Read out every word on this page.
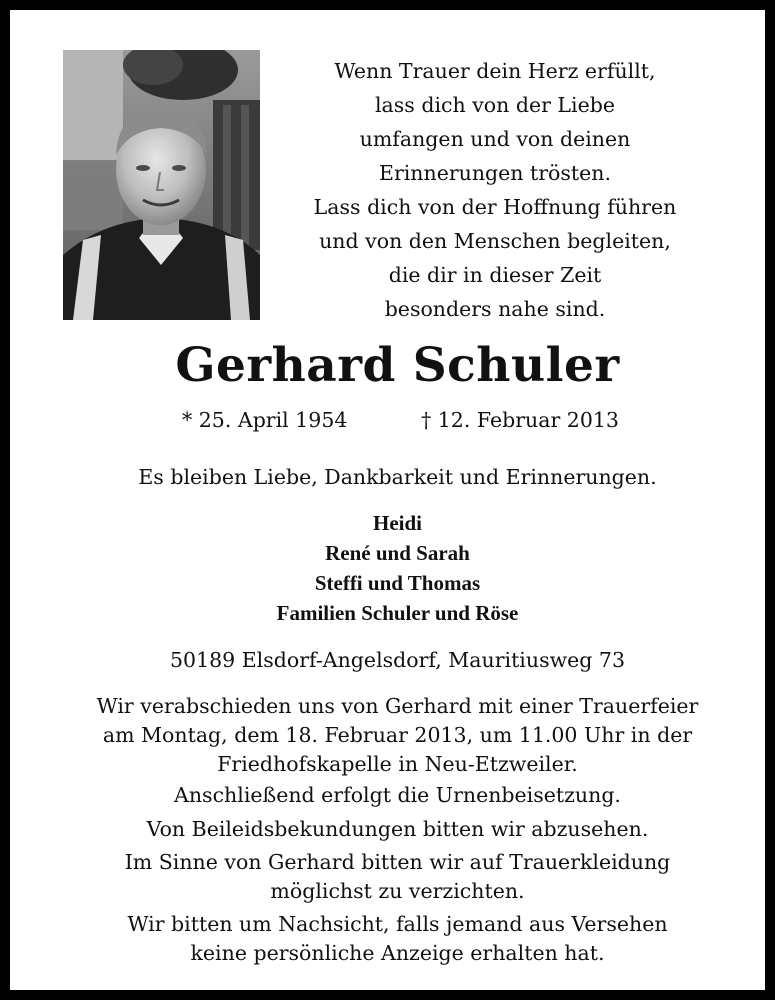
Wenn Trauer dein Herz erfüllt,
lass dich von der Liebe
umfangen und von deinen
Erinnerungen trösten.
Lass dich von der Hoffnung führen
und von den Menschen begleiten,
die dir in dieser Zeit
besonders nahe sind.
Gerhard Schuler
* 25. April 1954	† 12. Februar 2013
Es bleiben Liebe, Dankbarkeit und Erinnerungen.
Heidi
René und Sarah
Steffi und Thomas
Familien Schuler und Röse
50189 Elsdorf-Angelsdorf, Mauritiusweg 73
Wir verabschieden uns von Gerhard mit einer Trauerfeier
am Montag, dem 18. Februar 2013, um 11.00 Uhr in der
Friedhofskapelle in Neu-Etzweiler.
Anschließend erfolgt die Urnenbeisetzung.
Von Beileidsbekundungen bitten wir abzusehen.
Im Sinne von Gerhard bitten wir auf Trauerkleidung
möglichst zu verzichten.
Wir bitten um Nachsicht, falls jemand aus Versehen
keine persönliche Anzeige erhalten hat.
